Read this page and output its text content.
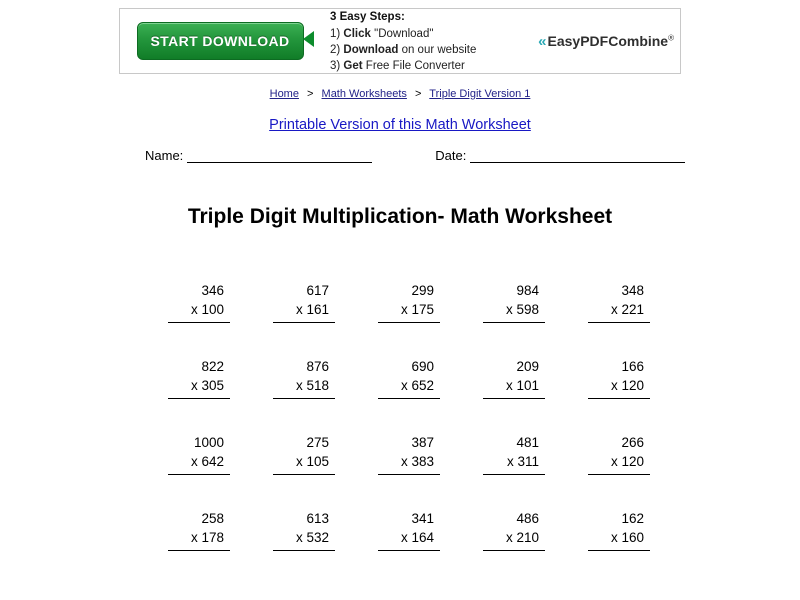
START DOWNLOAD
3 Easy Steps:
1) Click "Download"
2) Download on our website
3) Get Free File Converter
«EasyPDFCombine®
Home > Math Worksheets > Triple Digit Version 1
Printable Version of this Math Worksheet
Name:	Date:
Triple Digit Multiplication- Math Worksheet
346
x 100
617
x 161
299
x 175
984
x 598
348
x 221
822
x 305
876
x 518
690
x 652
209
x 101
166
x 120
1000
x 642
275
x 105
387
x 383
481
x 311
266
x 120
258
x 178
613
x 532
341
x 164
486
x 210
162
x 160
